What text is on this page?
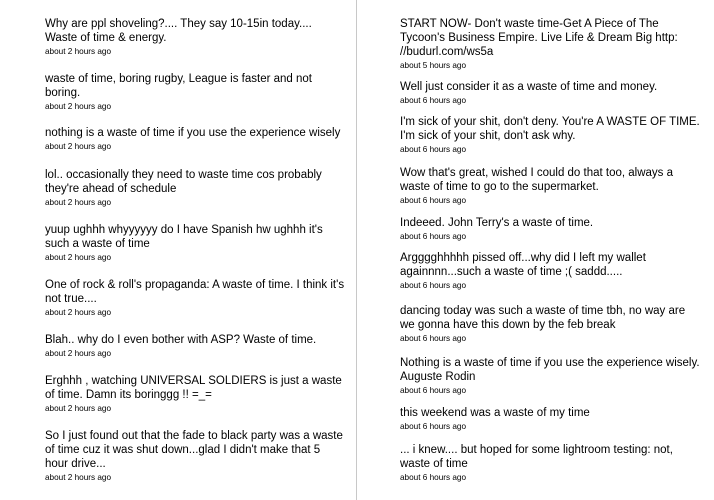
Why are ppl shoveling?.... They say 10-15in today.... Waste of time & energy.

about 2 hours ago

waste of time, boring rugby, League is faster and not boring.

about 2 hours ago

nothing is a waste of time if you use the experience wisely

about 2 hours ago

lol.. occasionally they need to waste time cos probably they're ahead of schedule

about 2 hours ago

yuup ughhh whyyyyyy do I have Spanish hw ughhh it's such a waste of time

about 2 hours ago

One of rock & roll's propaganda: A waste of time. I think it's not true....

about 2 hours ago

Blah.. why do I even bother with ASP? Waste of time.

about 2 hours ago

Erghhh , watching UNIVERSAL SOLDIERS is just a waste of time. Damn its boringgg !! =_=

about 2 hours ago

So I just found out that the fade to black party was a waste of time cuz it was shut down...glad I didn't make that 5 hour drive...

about 2 hours ago

START NOW- Don't waste time-Get A Piece of The Tycoon's Business Empire. Live Life & Dream Big http: //budurl.com/ws5a

about 5 hours ago

Well just consider it as a waste of time and money.

about 6 hours ago

I'm sick of your shit, don't deny. You're A WASTE OF TIME. I'm sick of your shit, don't ask why.

about 6 hours ago

Wow that's great, wished I could do that too, always a waste of time to go to the supermarket.

about 6 hours ago

Indeeed. John Terry's a waste of time.

about 6 hours ago

Argggghhhhh pissed off...why did I left my wallet againnnn...such a waste of time ;( saddd.....

about 6 hours ago

dancing today was such a waste of time tbh, no way are we gonna have this down by the feb break

about 6 hours ago

Nothing is a waste of time if you use the experience wisely. Auguste Rodin

about 6 hours ago

this weekend was a waste of my time

about 6 hours ago

... i knew.... but hoped for some lightroom testing: not, waste of time

about 6 hours ago
